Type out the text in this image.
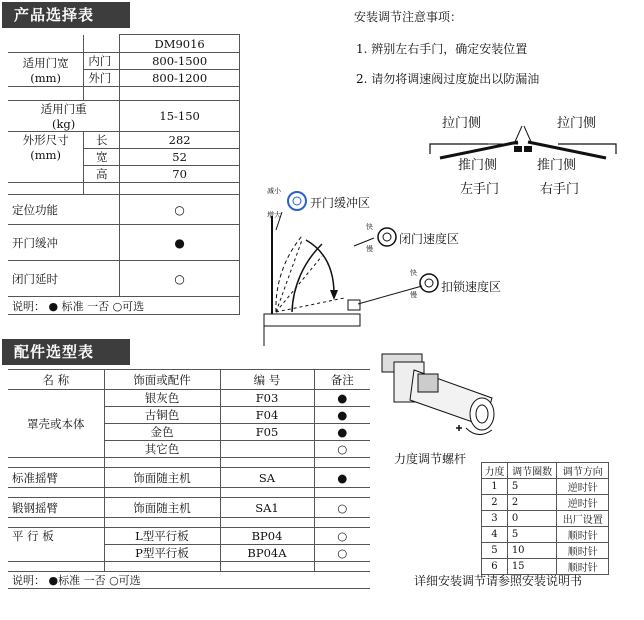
产品选择表
		DM9016

适用门宽
(mm)	内门	800-1500
	外门	800-1200

适用门重
(kg)		15-150

外形尺寸
(mm)	长	282
	宽	52
	高	70

定位功能		○
开门缓冲		●
闭门延时		○
说明： ● 标准 一否 ○可选		
安装调节注意事项：
1. 辨别左右手门，确定安装位置
2. 请勿将调速阀过度旋出以防漏油
拉门侧	拉门侧
推门侧	推门侧
左手门	右手门
减小
增大
开门缓冲区
快
慢
闭门速度区
快
慢
扣锁速度区
配件选型表
名 称	饰面或配件	编 号	备注
罩壳或本体	银灰色	F03	●
	古铜色	F04	●
	金色	F05	●
	其它色		○

标准摇臂	饰面随主机	SA	●

锻钢摇臂	饰面随主机	SA1	○

平 行 板	L型平行板	BP04	○
	P型平行板	BP04A	○

说明： ●标准 一否 ○可选			
力度调节螺杆
力度	调节圈数	调节方向
1	5	逆时针
2	2	逆时针
3	0	出厂设置
4	5	顺时针
5	10	顺时针
6	15	顺时针
详细安装调节请参照安装说明书
